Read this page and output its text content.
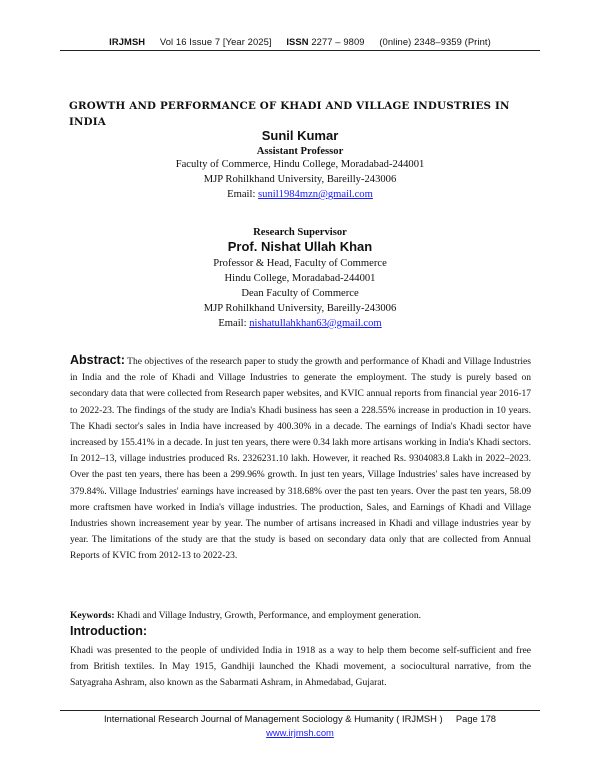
IRJMSH Vol 16 Issue 7 [Year 2025] ISSN 2277 – 9809 (0nline) 2348–9359 (Print)
GROWTH AND PERFORMANCE OF KHADI AND VILLAGE INDUSTRIES IN INDIA
Sunil Kumar
Assistant Professor
Faculty of Commerce, Hindu College, Moradabad-244001
MJP Rohilkhand University, Bareilly-243006
Email: sunil1984mzn@gmail.com
Research Supervisor
Prof. Nishat Ullah Khan
Professor & Head, Faculty of Commerce
Hindu College, Moradabad-244001
Dean Faculty of Commerce
MJP Rohilkhand University, Bareilly-243006
Email: nishatullahkhan63@gmail.com
Abstract: The objectives of the research paper to study the growth and performance of Khadi and Village Industries in India and the role of Khadi and Village Industries to generate the employment. The study is purely based on secondary data that were collected from Research paper websites, and KVIC annual reports from financial year 2016-17 to 2022-23. The findings of the study are India's Khadi business has seen a 228.55% increase in production in 10 years. The Khadi sector's sales in India have increased by 400.30% in a decade. The earnings of India's Khadi sector have increased by 155.41% in a decade. In just ten years, there were 0.34 lakh more artisans working in India's Khadi sectors. In 2012–13, village industries produced Rs. 2326231.10 lakh. However, it reached Rs. 9304083.8 Lakh in 2022–2023. Over the past ten years, there has been a 299.96% growth. In just ten years, Village Industries' sales have increased by 379.84%. Village Industries' earnings have increased by 318.68% over the past ten years. Over the past ten years, 58.09 more craftsmen have worked in India's village industries. The production, Sales, and Earnings of Khadi and Village Industries shown increasement year by year. The number of artisans increased in Khadi and village industries year by year. The limitations of the study are that the study is based on secondary data only that are collected from Annual Reports of KVIC from 2012-13 to 2022-23.
Keywords: Khadi and Village Industry, Growth, Performance, and employment generation.
Introduction:
Khadi was presented to the people of undivided India in 1918 as a way to help them become self-sufficient and free from British textiles. In May 1915, Gandhiji launched the Khadi movement, a sociocultural narrative, from the Satyagraha Ashram, also known as the Sabarmati Ashram, in Ahmedabad, Gujarat.
International Research Journal of Management Sociology & Humanity ( IRJMSH ) Page 178
www.irjmsh.com
